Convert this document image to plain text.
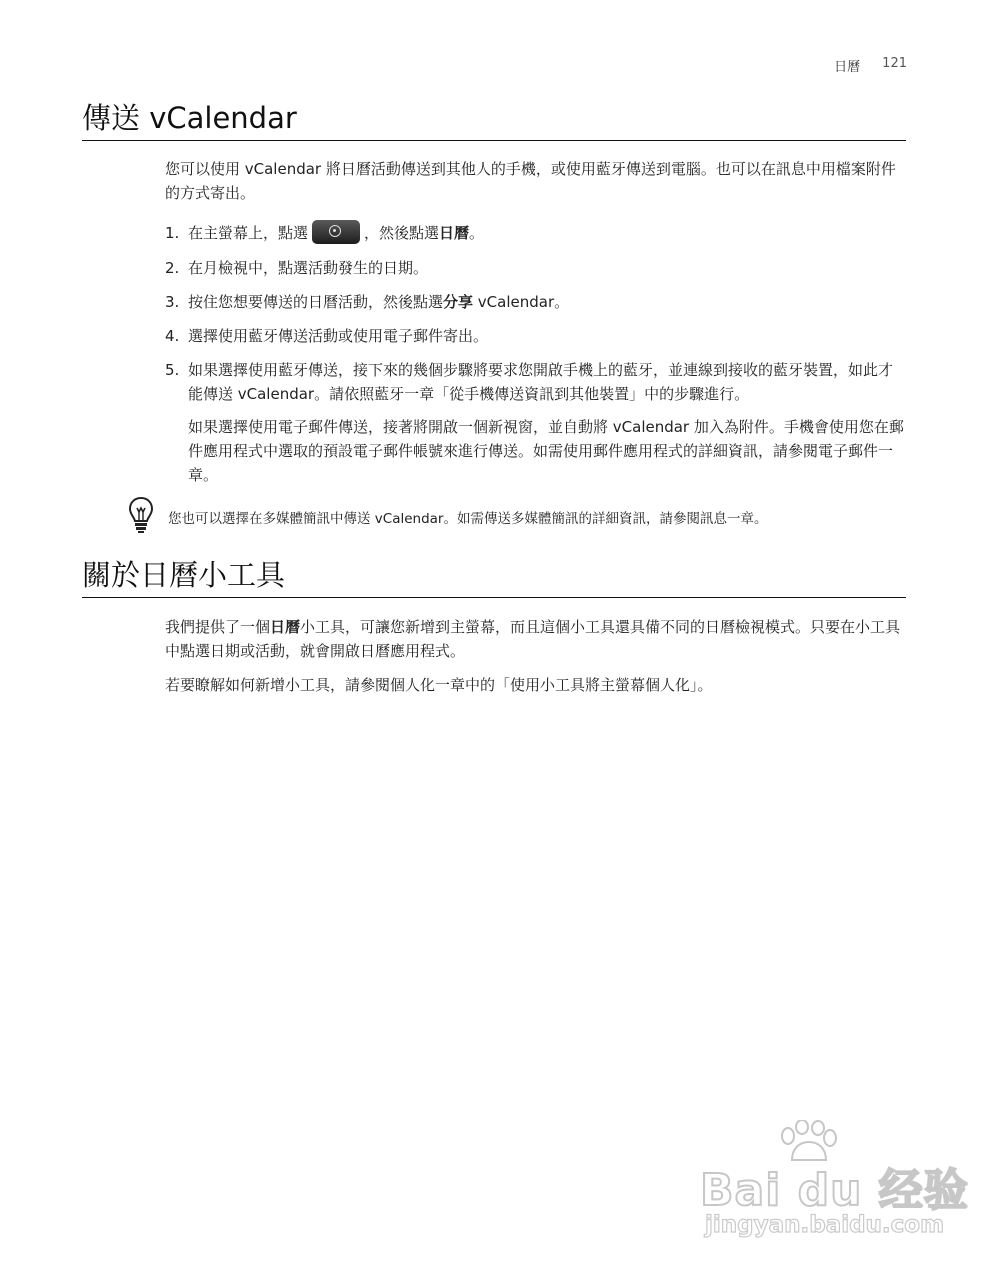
日曆 121
傳送 vCalendar

您可以使用 vCalendar 將日曆活動傳送到其他人的手機，或使用藍牙傳送到電腦。也可以在訊息中用檔案附件的方式寄出。

1. 在主螢幕上，點選	，然後點選日曆。
2. 在月檢視中，點選活動發生的日期。
3. 按住您想要傳送的日曆活動，然後點選分享 vCalendar。
4. 選擇使用藍牙傳送活動或使用電子郵件寄出。
5. 如果選擇使用藍牙傳送，接下來的幾個步驟將要求您開啟手機上的藍牙，並連線到接收的藍牙裝置，如此才能傳送 vCalendar。請依照藍牙一章「從手機傳送資訊到其他裝置」中的步驟進行。

如果選擇使用電子郵件傳送，接著將開啟一個新視窗，並自動將 vCalendar 加入為附件。手機會使用您在郵件應用程式中選取的預設電子郵件帳號來進行傳送。如需使用郵件應用程式的詳細資訊，請參閱電子郵件一章。

您也可以選擇在多媒體簡訊中傳送 vCalendar。如需傳送多媒體簡訊的詳細資訊，請參閱訊息一章。
關於日曆小工具

我們提供了一個日曆小工具，可讓您新增到主螢幕，而且這個小工具還具備不同的日曆檢視模式。只要在小工具中點選日期或活動，就會開啟日曆應用程式。

若要瞭解如何新增小工具，請參閱個人化一章中的「使用小工具將主螢幕個人化」。

Bai du 经验
jingyan.baidu.com
